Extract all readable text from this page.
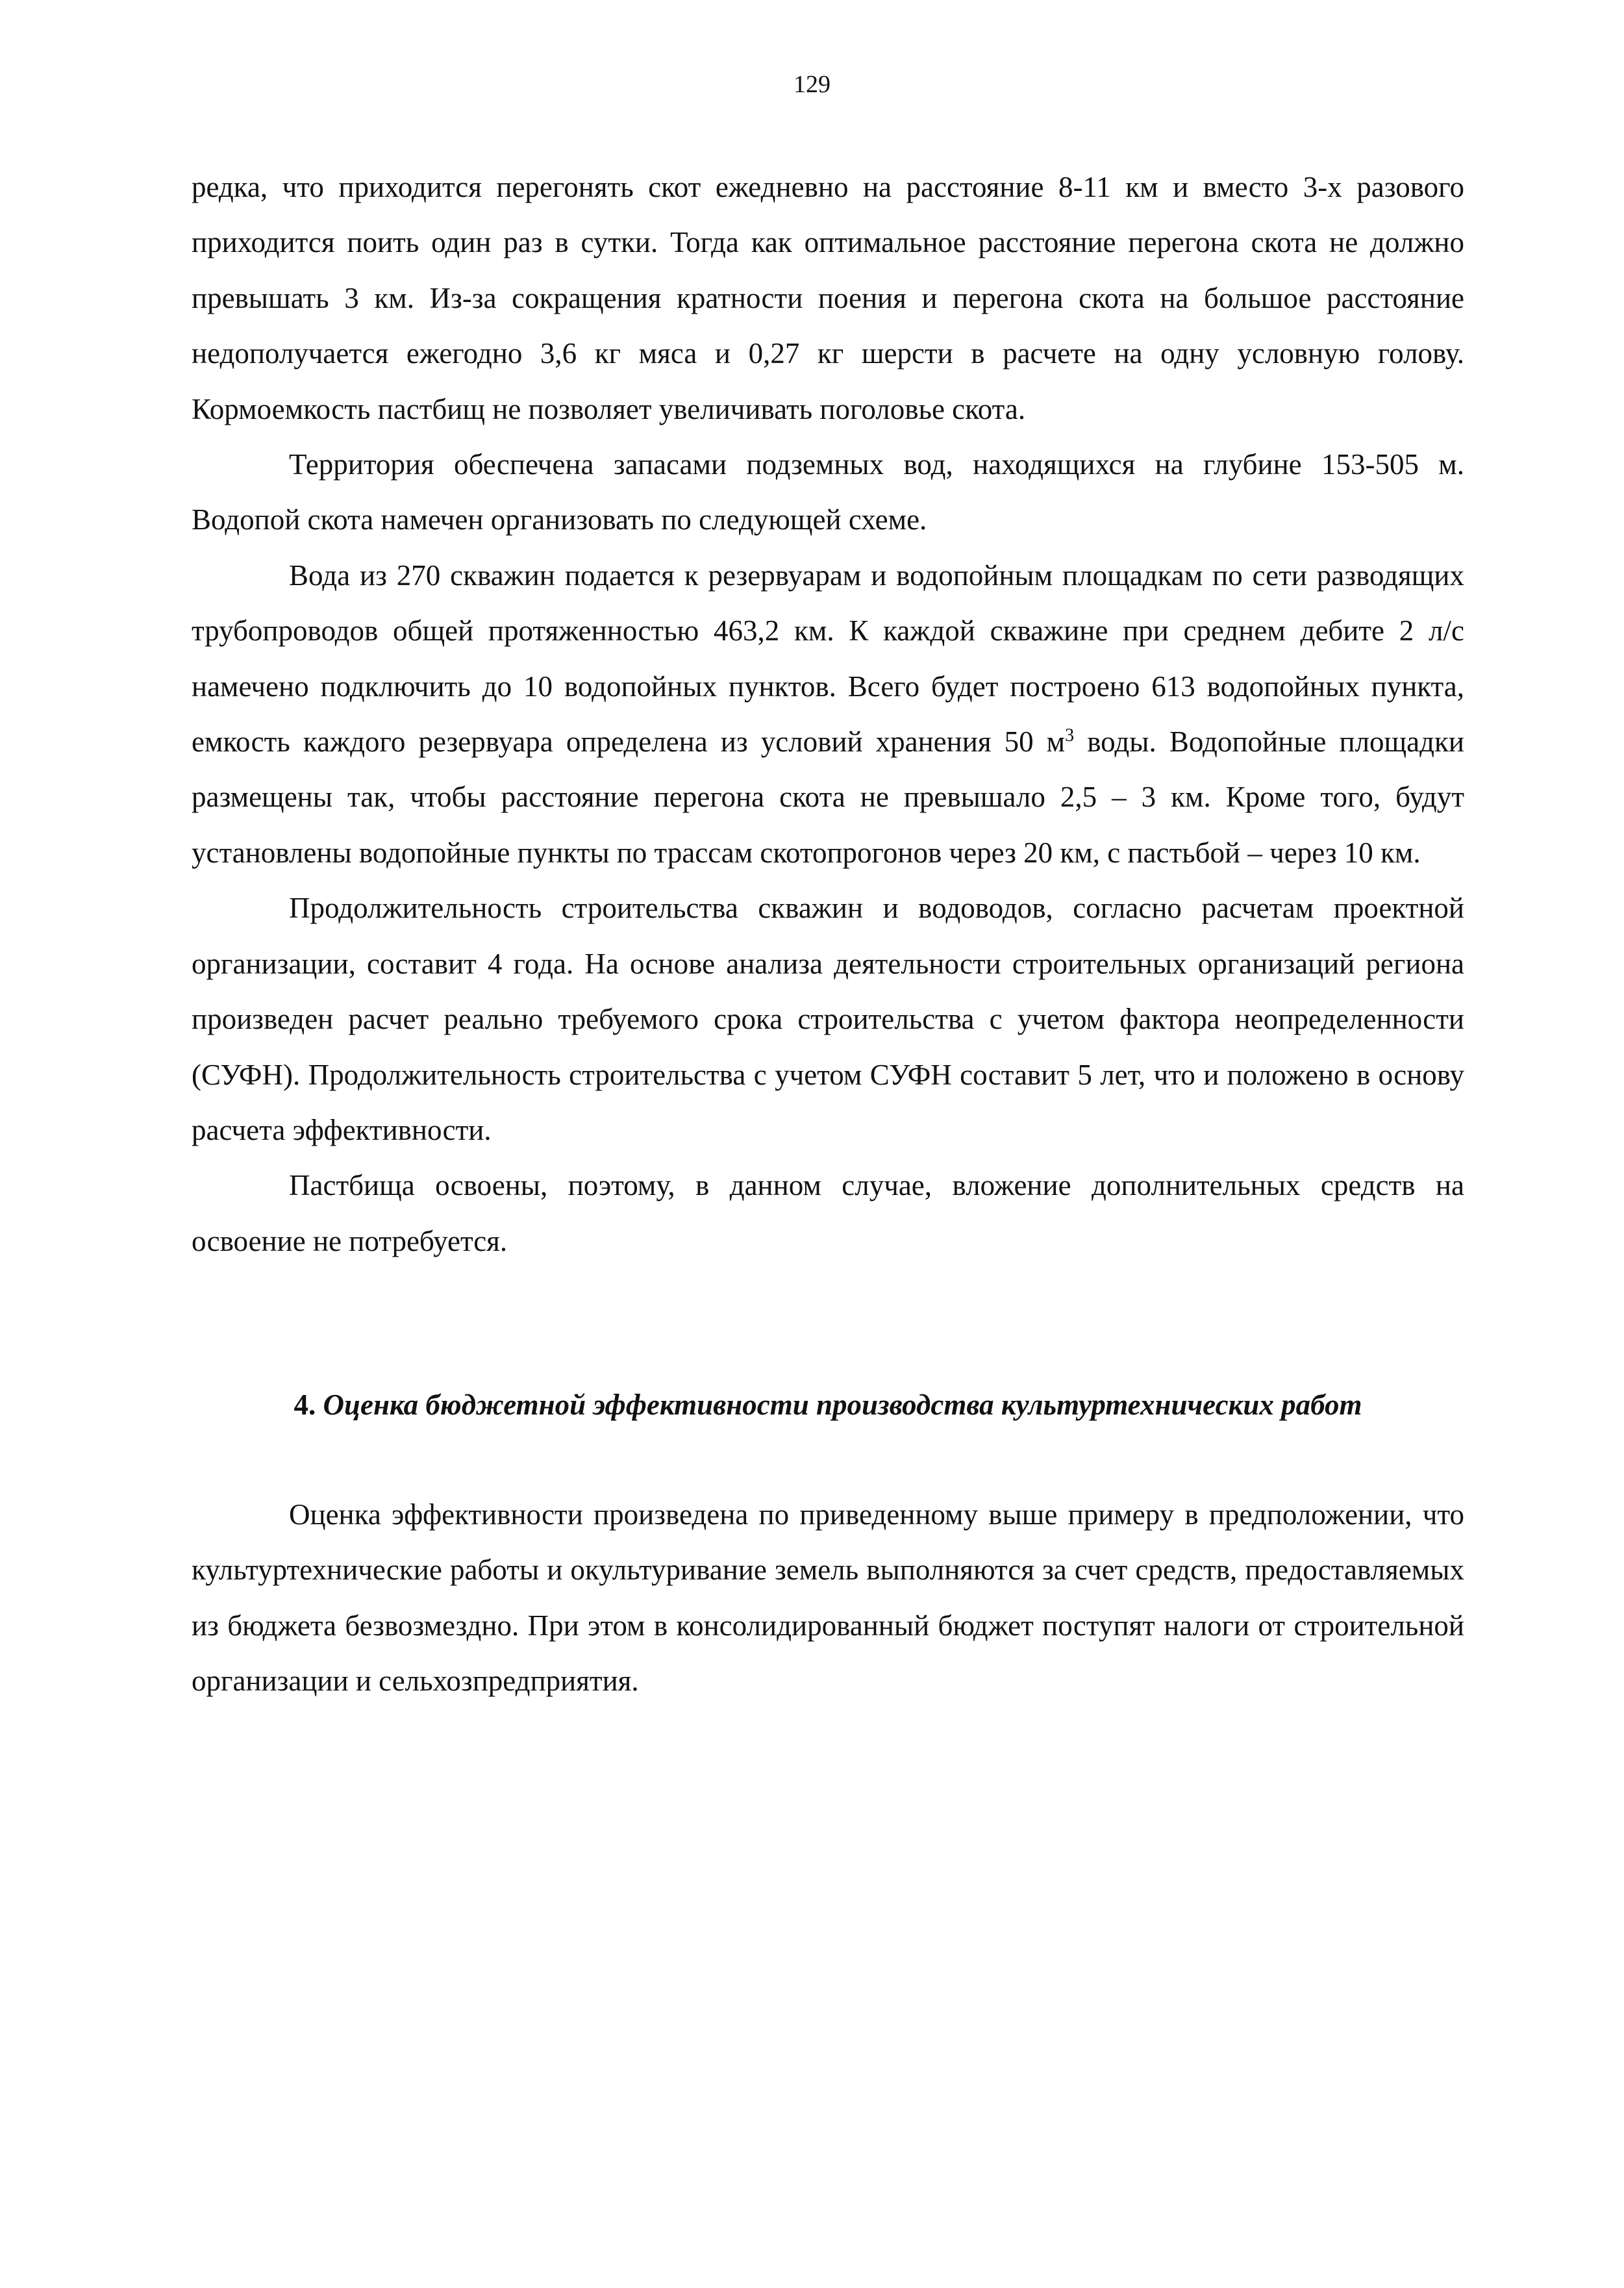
129

редка, что приходится перегонять скот ежедневно на расстояние 8-11 км и вместо 3-х разового приходится поить один раз в сутки. Тогда как оптимальное расстояние перегона скота не должно превышать 3 км. Из-за сокращения кратности поения и перегона скота на большое расстояние недополучается ежегодно 3,6 кг мяса и 0,27 кг шерсти в расчете на одну условную голову. Кормоемкость пастбищ не позволяет увеличивать поголовье скота.

Территория обеспечена запасами подземных вод, находящихся на глубине 153-505 м. Водопой скота намечен организовать по следующей схеме.

Вода из 270 скважин подается к резервуарам и водопойным площадкам по сети разводящих трубопроводов общей протяженностью 463,2 км. К каждой скважине при среднем дебите 2 л/с намечено подключить до 10 водопойных пунктов. Всего будет построено 613 водопойных пункта, емкость каждого резервуара определена из условий хранения 50 $м^3$ воды. Водопойные площадки размещены так, чтобы расстояние перегона скота не превышало 2,5 – 3 км. Кроме того, будут установлены водопойные пункты по трассам скотопрогонов через 20 км, с пастьбой – через 10 км.

Продолжительность строительства скважин и водоводов, согласно расчетам проектной организации, составит 4 года. На основе анализа деятельности строительных организаций региона произведен расчет реально требуемого срока строительства с учетом фактора неопределенности (СУФН). Продолжительность строительства с учетом СУФН составит 5 лет, что и положено в основу расчета эффективности.

Пастбища освоены, поэтому, в данном случае, вложение дополнительных средств на освоение не потребуется.

4. Оценка бюджетной эффективности производства культуртехнических работ

Оценка эффективности произведена по приведенному выше примеру в предположении, что культуртехнические работы и окультуривание земель выполняются за счет средств, предоставляемых из бюджета безвозмездно. При этом в консолидированный бюджет поступят налоги от строительной организации и сельхозпредприятия.
